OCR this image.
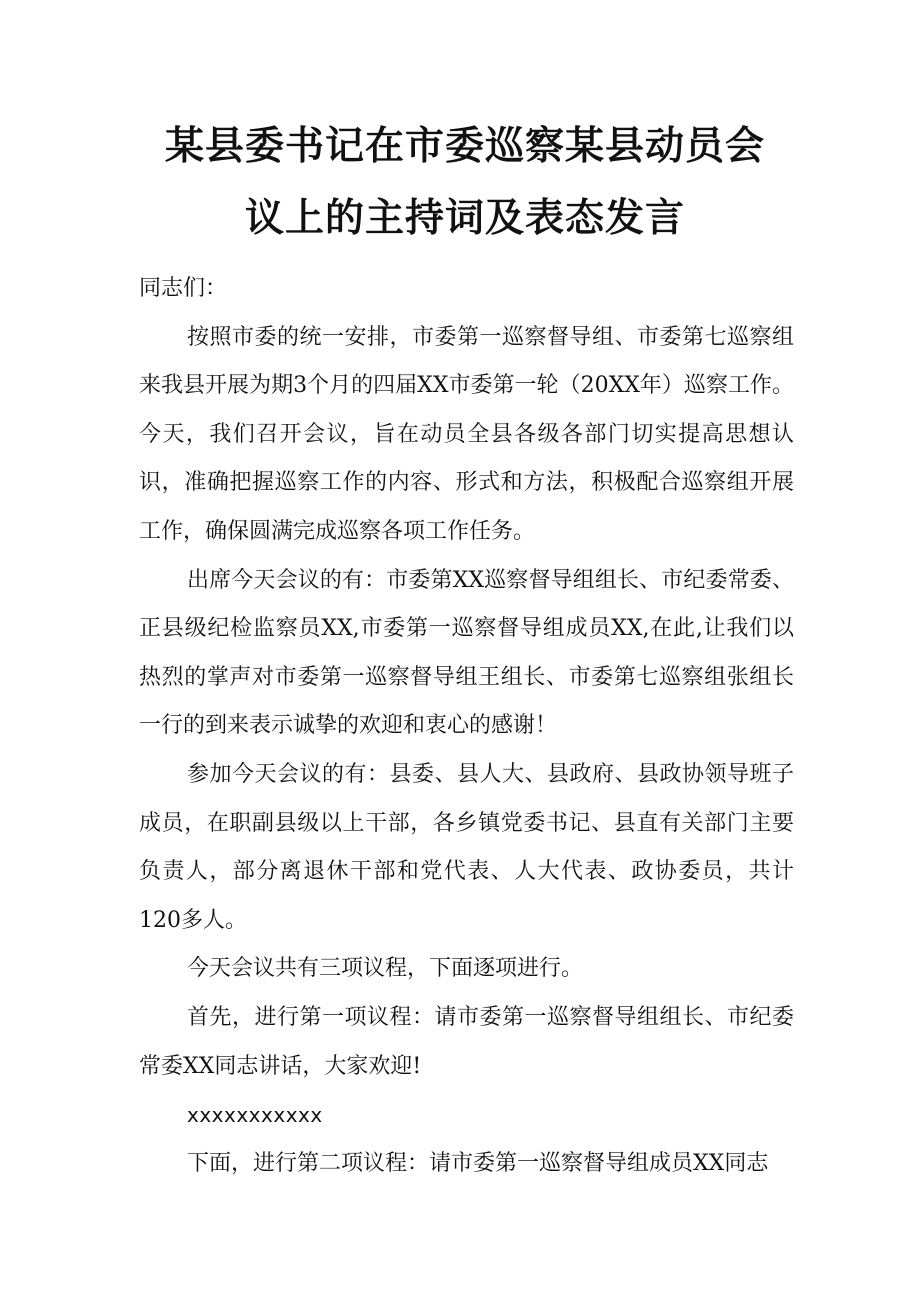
某县委书记在市委巡察某县动员会
议上的主持词及表态发言

同志们：

按照市委的统一安排，市委第一巡察督导组、市委第七巡察组来我县开展为期3个月的四届XX市委第一轮（20XX年）巡察工作。今天，我们召开会议，旨在动员全县各级各部门切实提高思想认识，准确把握巡察工作的内容、形式和方法，积极配合巡察组开展工作，确保圆满完成巡察各项工作任务。

出席今天会议的有：市委第XX巡察督导组组长、市纪委常委、正县级纪检监察员XX,市委第一巡察督导组成员XX,在此,让我们以热烈的掌声对市委第一巡察督导组王组长、市委第七巡察组张组长一行的到来表示诚挚的欢迎和衷心的感谢！

参加今天会议的有：县委、县人大、县政府、县政协领导班子成员，在职副县级以上干部，各乡镇党委书记、县直有关部门主要负责人，部分离退休干部和党代表、人大代表、政协委员，共计120多人。

今天会议共有三项议程，下面逐项进行。

首先，进行第一项议程：请市委第一巡察督导组组长、市纪委常委XX同志讲话，大家欢迎!

xxxxxxxxxxx

下面，进行第二项议程：请市委第一巡察督导组成员XX同志
